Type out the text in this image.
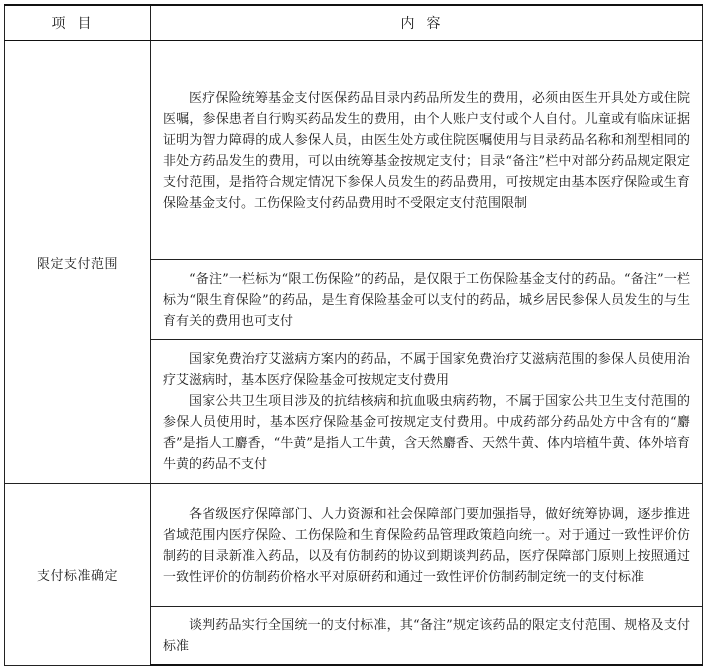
项目	内容
限定支付范围	医疗保险统筹基金支付医保药品目录内药品所发生的费用，必须由医生开具处方或住院医嘱，参保患者自行购买药品发生的费用，由个人账户支付或个人自付。儿童或有临床证据证明为智力障碍的成人参保人员，由医生处方或住院医嘱使用与目录药品名称和剂型相同的非处方药品发生的费用，可以由统筹基金按规定支付；目录“备注”栏中对部分药品规定限定支付范围，是指符合规定情况下参保人员发生的药品费用，可按规定由基本医疗保险或生育保险基金支付。工伤保险支付药品费用时不受限定支付范围限制

	“备注”一栏标为“限工伤保险”的药品，是仅限于工伤保险基金支付的药品。“备注”一栏标为“限生育保险”的药品，是生育保险基金可以支付的药品，城乡居民参保人员发生的与生育有关的费用也可支付

	国家免费治疗艾滋病方案内的药品，不属于国家免费治疗艾滋病范围的参保人员使用治疗艾滋病时，基本医疗保险基金可按规定支付费用

国家公共卫生项目涉及的抗结核病和抗血吸虫病药物，不属于国家公共卫生支付范围的参保人员使用时，基本医疗保险基金可按规定支付费用。中成药部分药品处方中含有的“麝香”是指人工麝香，“牛黄”是指人工牛黄，含天然麝香、天然牛黄、体内培植牛黄、体外培育牛黄的药品不支付

支付标准确定	各省级医疗保障部门、人力资源和社会保障部门要加强指导，做好统筹协调，逐步推进省域范围内医疗保险、工伤保险和生育保险药品管理政策趋向统一。对于通过一致性评价仿制药的目录新准入药品，以及有仿制药的协议到期谈判药品，医疗保障部门原则上按照通过一致性评价的仿制药价格水平对原研药和通过一致性评价仿制药制定统一的支付标准

	谈判药品实行全国统一的支付标准，其“备注”规定该药品的限定支付范围、规格及支付标准
